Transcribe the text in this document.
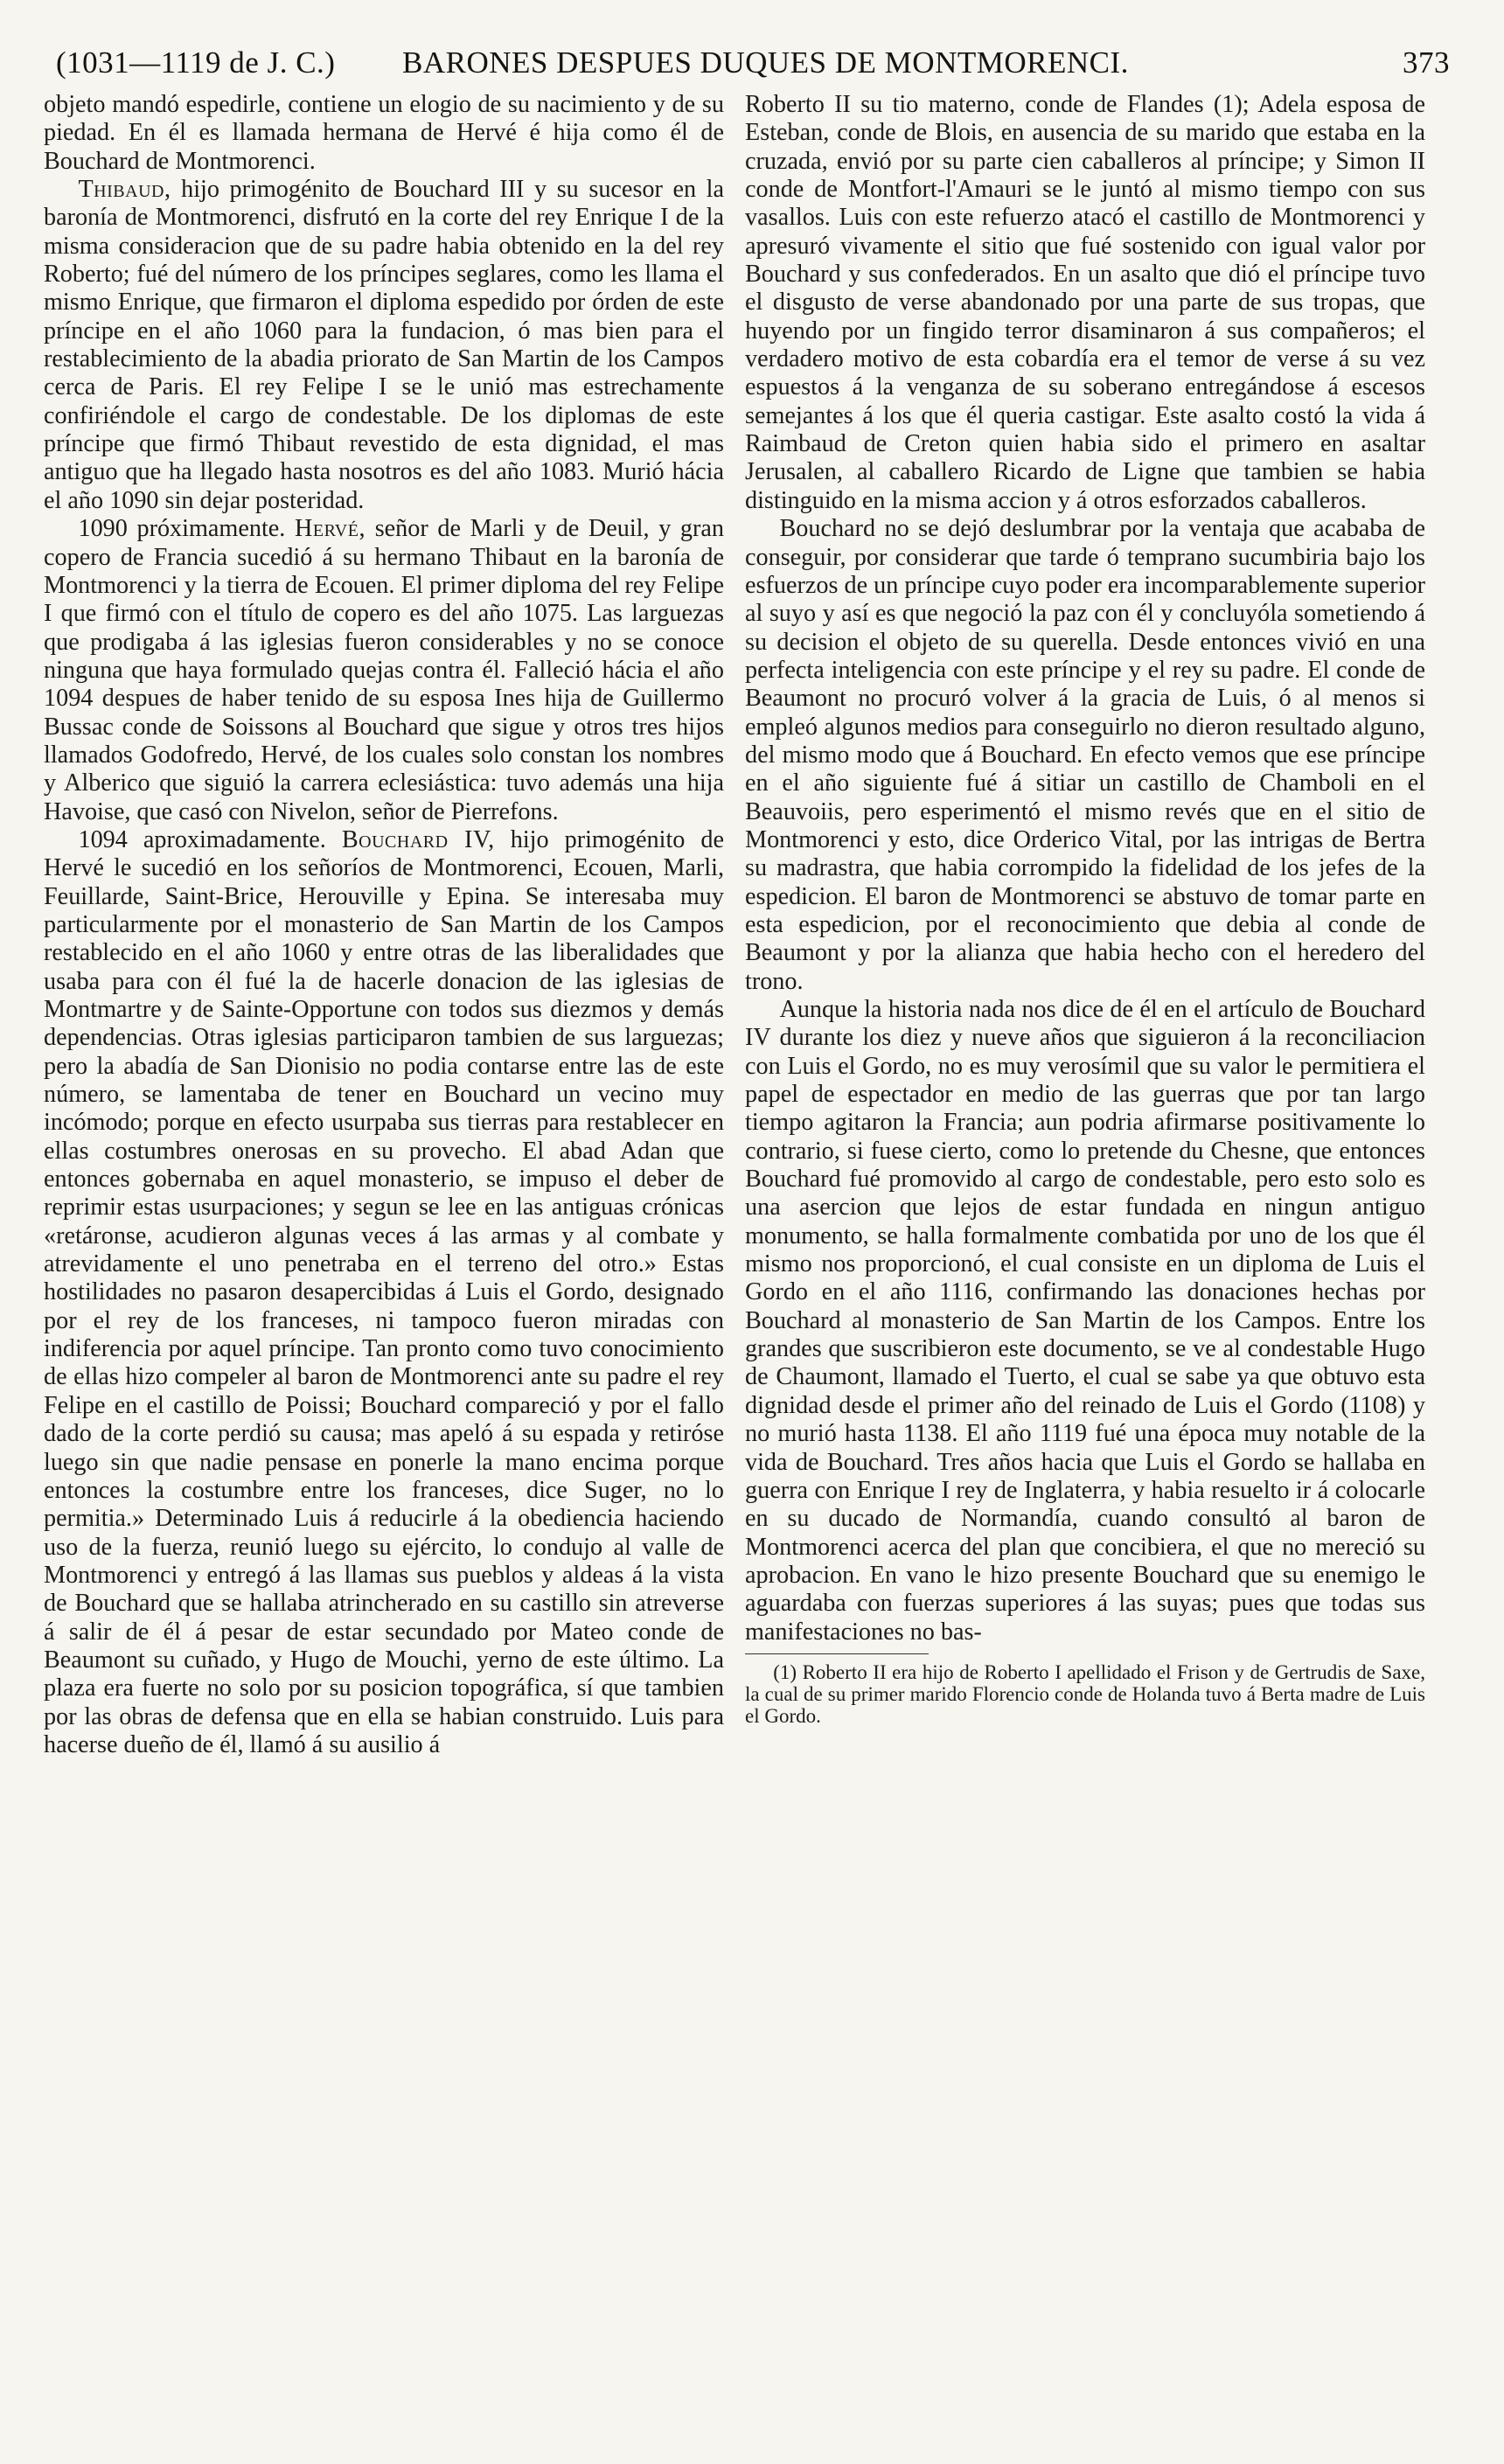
(1031—1119 de J. C.) BARONES DESPUES DUQUES DE MONTMORENCI.	373

objeto mandó espedirle, contiene un elogio de su nacimiento y de su piedad. En él es llamada hermana de Hervé é hija como él de Bouchard de Montmorenci.

Thibaud, hijo primogénito de Bouchard III y su sucesor en la baronía de Montmorenci, disfrutó en la corte del rey Enrique I de la misma consideracion que de su padre habia obtenido en la del rey Roberto; fué del número de los príncipes seglares, como les llama el mismo Enrique, que firmaron el diploma espedido por órden de este príncipe en el año 1060 para la fundacion, ó mas bien para el restablecimiento de la abadia priorato de San Martin de los Campos cerca de Paris. El rey Felipe I se le unió mas estrechamente confiriéndole el cargo de condestable. De los diplomas de este príncipe que firmó Thibaut revestido de esta dignidad, el mas antiguo que ha llegado hasta nosotros es del año 1083. Murió hácia el año 1090 sin dejar posteridad.

1090 próximamente. Hervé, señor de Marli y de Deuil, y gran copero de Francia sucedió á su hermano Thibaut en la baronía de Montmorenci y la tierra de Ecouen. El primer diploma del rey Felipe I que firmó con el título de copero es del año 1075. Las larguezas que prodigaba á las iglesias fueron considerables y no se conoce ninguna que haya formulado quejas contra él. Falleció hácia el año 1094 despues de haber tenido de su esposa Ines hija de Guillermo Bussac conde de Soissons al Bouchard que sigue y otros tres hijos llamados Godofredo, Hervé, de los cuales solo constan los nombres y Alberico que siguió la carrera eclesiástica: tuvo además una hija Havoise, que casó con Nivelon, señor de Pierrefons.

1094 aproximadamente. Bouchard IV, hijo primogénito de Hervé le sucedió en los señoríos de Montmorenci, Ecouen, Marli, Feuillarde, Saint-Brice, Herouville y Epina. Se interesaba muy particularmente por el monasterio de San Martin de los Campos restablecido en el año 1060 y entre otras de las liberalidades que usaba para con él fué la de hacerle donacion de las iglesias de Montmartre y de Sainte-Opportune con todos sus diezmos y demás dependencias. Otras iglesias participaron tambien de sus larguezas; pero la abadía de San Dionisio no podia contarse entre las de este número, se lamentaba de tener en Bouchard un vecino muy incómodo; porque en efecto usurpaba sus tierras para restablecer en ellas costumbres onerosas en su provecho. El abad Adan que entonces gobernaba en aquel monasterio, se impuso el deber de reprimir estas usurpaciones; y segun se lee en las antiguas crónicas «retáronse, acudieron algunas veces á las armas y al combate y atrevidamente el uno penetraba en el terreno del otro.» Estas hostilidades no pasaron desapercibidas á Luis el Gordo, designado por el rey de los franceses, ni tampoco fueron miradas con indiferencia por aquel príncipe. Tan pronto como tuvo conocimiento de ellas hizo compeler al baron de Montmorenci ante su padre el rey Felipe en el castillo de Poissi; Bouchard compareció y por el fallo dado de la corte perdió su causa; mas apeló á su espada y retiróse luego sin que nadie pensase en ponerle la mano encima porque entonces la costumbre entre los franceses, dice Suger, no lo permitia.» Determinado Luis á reducirle á la obediencia haciendo uso de la fuerza, reunió luego su ejército, lo condujo al valle de Montmorenci y entregó á las llamas sus pueblos y aldeas á la vista de Bouchard que se hallaba atrincherado en su castillo sin atreverse á salir de él á pesar de estar secundado por Mateo conde de Beaumont su cuñado, y Hugo de Mouchi, yerno de este último. La plaza era fuerte no solo por su posicion topográfica, sí que tambien por las obras de defensa que en ella se habian construido. Luis para hacerse dueño de él, llamó á su ausilio á

Roberto II su tio materno, conde de Flandes (1); Adela esposa de Esteban, conde de Blois, en ausencia de su marido que estaba en la cruzada, envió por su parte cien caballeros al príncipe; y Simon II conde de Montfort-l'Amauri se le juntó al mismo tiempo con sus vasallos. Luis con este refuerzo atacó el castillo de Montmorenci y apresuró vivamente el sitio que fué sostenido con igual valor por Bouchard y sus confederados. En un asalto que dió el príncipe tuvo el disgusto de verse abandonado por una parte de sus tropas, que huyendo por un fingido terror disaminaron á sus compañeros; el verdadero motivo de esta cobardía era el temor de verse á su vez espuestos á la venganza de su soberano entregándose á escesos semejantes á los que él queria castigar. Este asalto costó la vida á Raimbaud de Creton quien habia sido el primero en asaltar Jerusalen, al caballero Ricardo de Ligne que tambien se habia distinguido en la misma accion y á otros esforzados caballeros.

Bouchard no se dejó deslumbrar por la ventaja que acababa de conseguir, por considerar que tarde ó temprano sucumbiria bajo los esfuerzos de un príncipe cuyo poder era incomparablemente superior al suyo y así es que negoció la paz con él y concluyóla sometiendo á su decision el objeto de su querella. Desde entonces vivió en una perfecta inteligencia con este príncipe y el rey su padre. El conde de Beaumont no procuró volver á la gracia de Luis, ó al menos si empleó algunos medios para conseguirlo no dieron resultado alguno, del mismo modo que á Bouchard. En efecto vemos que ese príncipe en el año siguiente fué á sitiar un castillo de Chamboli en el Beauvoiis, pero esperimentó el mismo revés que en el sitio de Montmorenci y esto, dice Orderico Vital, por las intrigas de Bertra su madrastra, que habia corrompido la fidelidad de los jefes de la espedicion. El baron de Montmorenci se abstuvo de tomar parte en esta espedicion, por el reconocimiento que debia al conde de Beaumont y por la alianza que habia hecho con el heredero del trono.

Aunque la historia nada nos dice de él en el artículo de Bouchard IV durante los diez y nueve años que siguieron á la reconciliacion con Luis el Gordo, no es muy verosímil que su valor le permitiera el papel de espectador en medio de las guerras que por tan largo tiempo agitaron la Francia; aun podria afirmarse positivamente lo contrario, si fuese cierto, como lo pretende du Chesne, que entonces Bouchard fué promovido al cargo de condestable, pero esto solo es una asercion que lejos de estar fundada en ningun antiguo monumento, se halla formalmente combatida por uno de los que él mismo nos proporcionó, el cual consiste en un diploma de Luis el Gordo en el año 1116, confirmando las donaciones hechas por Bouchard al monasterio de San Martin de los Campos. Entre los grandes que suscribieron este documento, se ve al condestable Hugo de Chaumont, llamado el Tuerto, el cual se sabe ya que obtuvo esta dignidad desde el primer año del reinado de Luis el Gordo (1108) y no murió hasta 1138. El año 1119 fué una época muy notable de la vida de Bouchard. Tres años hacia que Luis el Gordo se hallaba en guerra con Enrique I rey de Inglaterra, y habia resuelto ir á colocarle en su ducado de Normandía, cuando consultó al baron de Montmorenci acerca del plan que concibiera, el que no mereció su aprobacion. En vano le hizo presente Bouchard que su enemigo le aguardaba con fuerzas superiores á las suyas; pues que todas sus manifestaciones no bas-

(1) Roberto II era hijo de Roberto I apellidado el Frison y de Gertrudis de Saxe, la cual de su primer marido Florencio conde de Holanda tuvo á Berta madre de Luis el Gordo.
